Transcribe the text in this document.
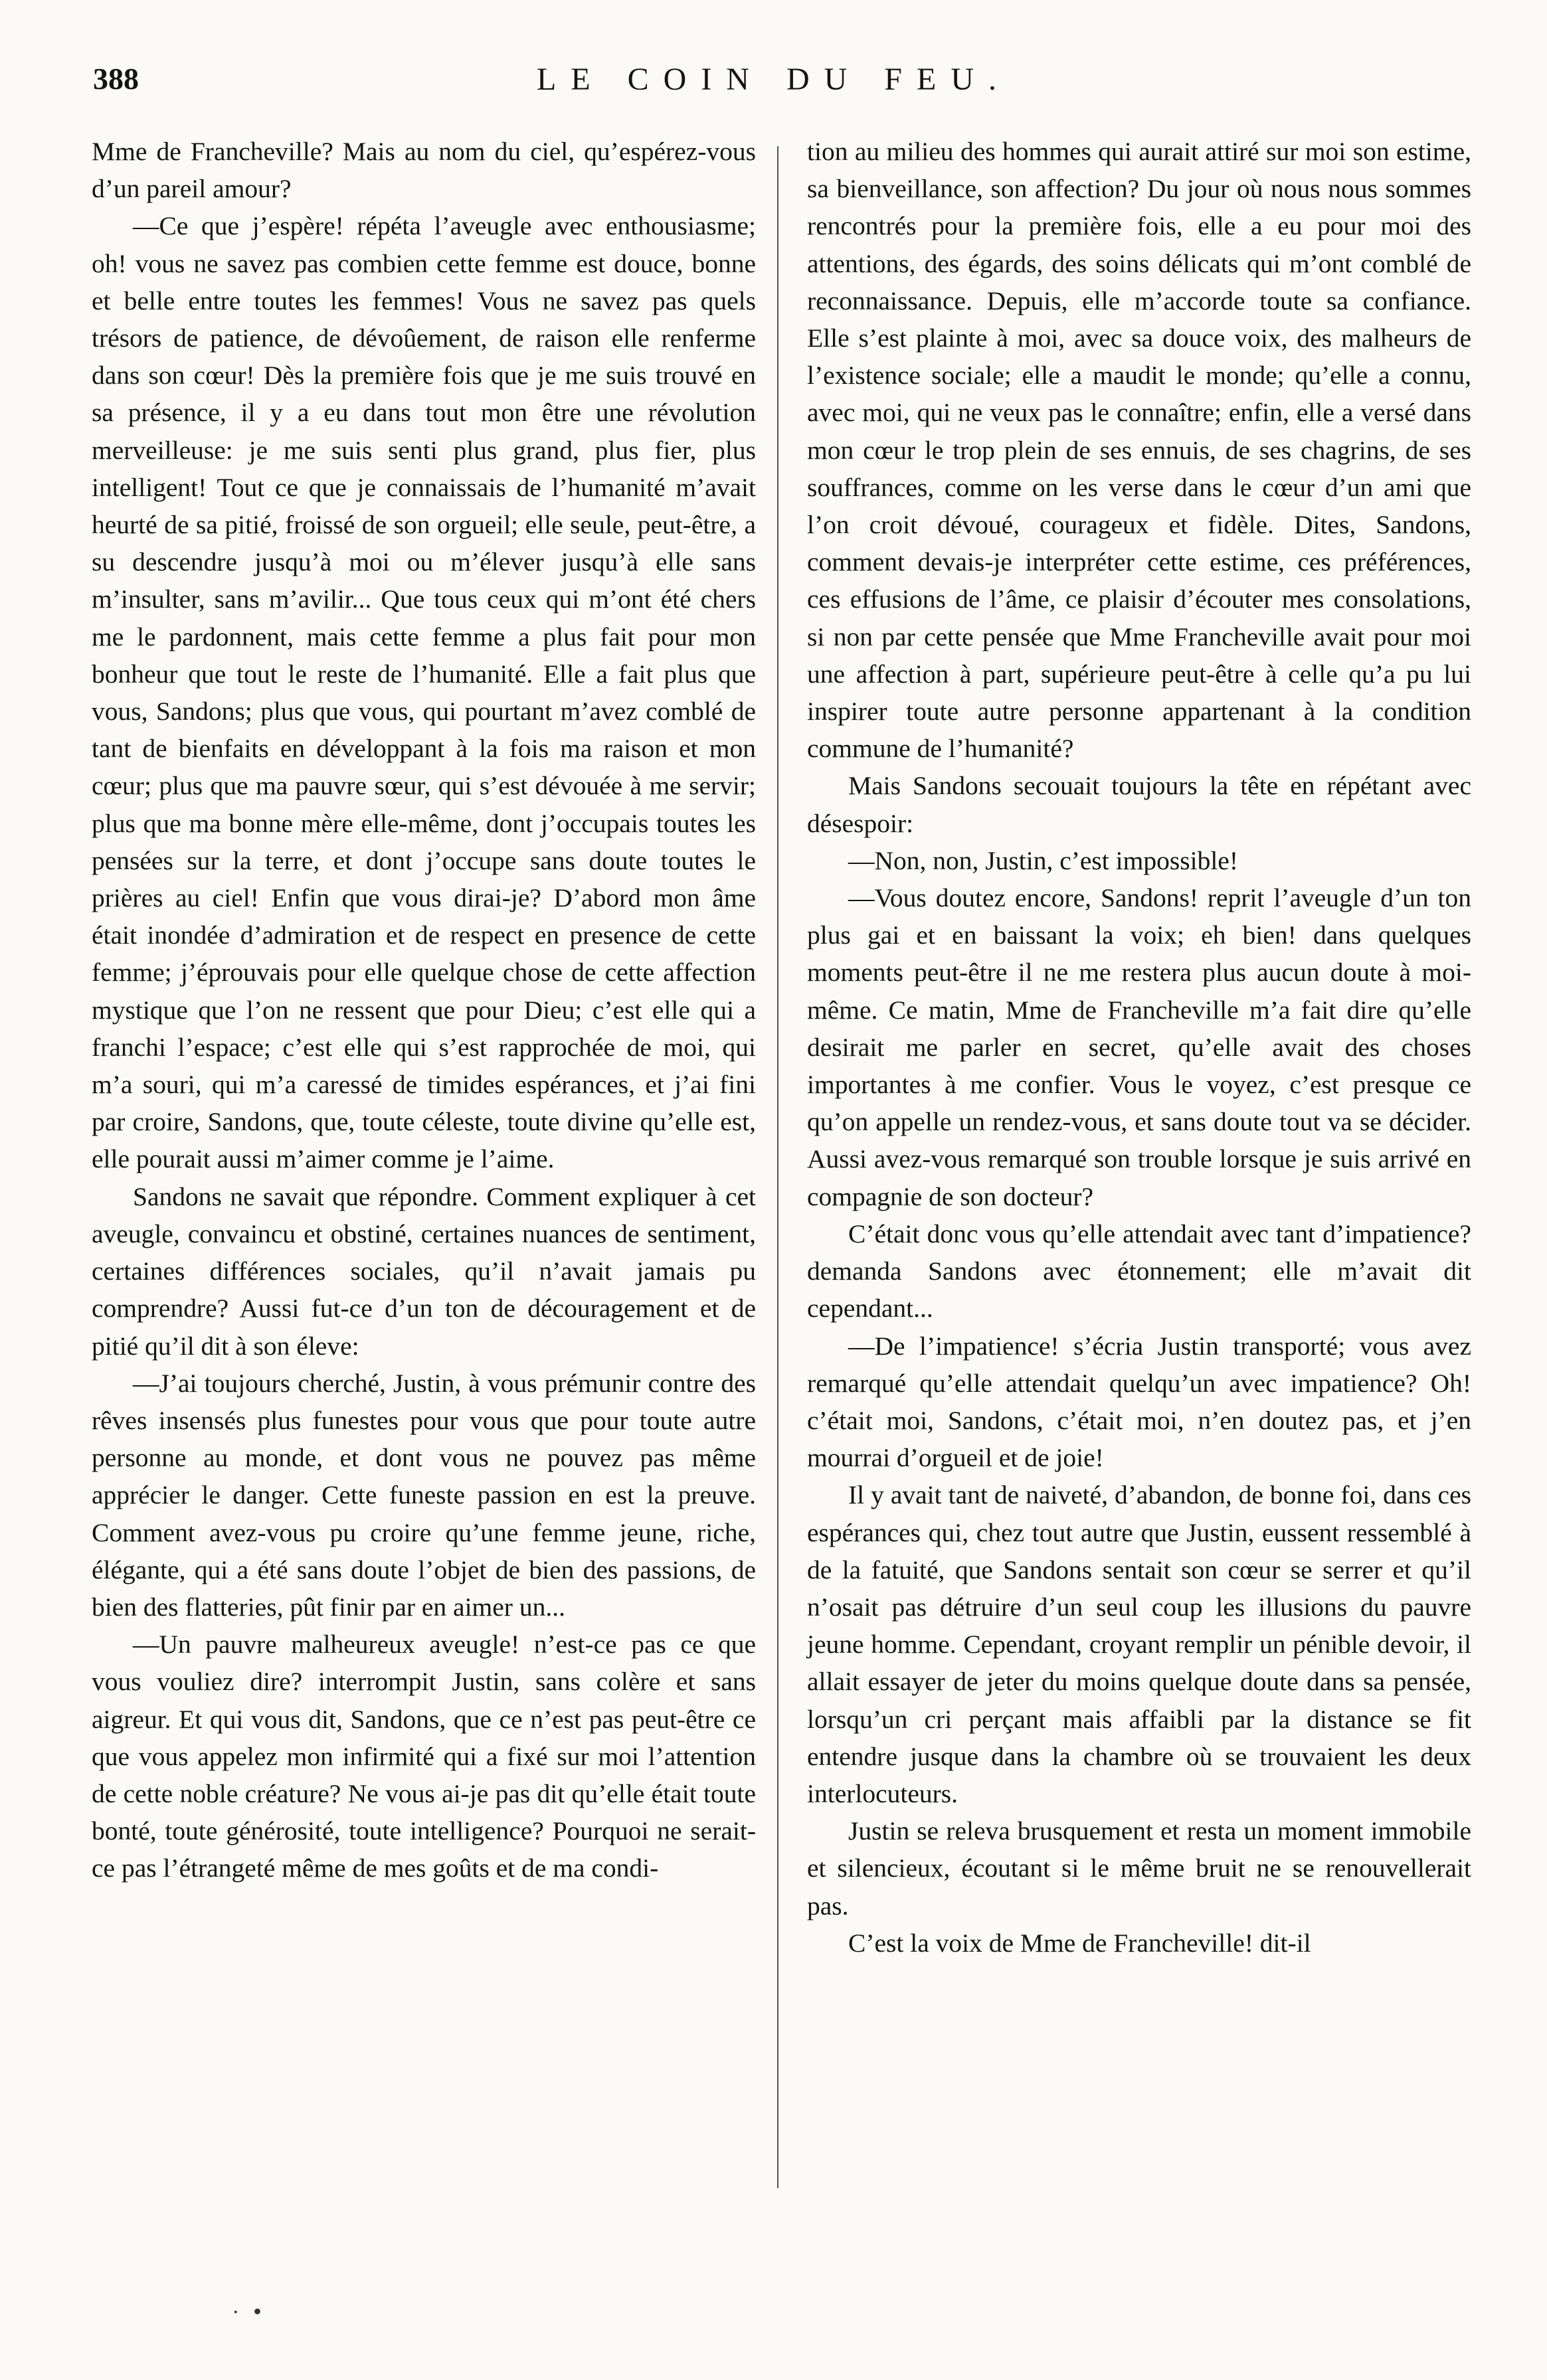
388	LE COIN DU FEU.

Mme de Francheville? Mais au nom du ciel, qu’espérez-vous d’un pareil amour?

—Ce que j’espère! répéta l’aveugle avec enthousiasme; oh! vous ne savez pas combien cette femme est douce, bonne et belle entre toutes les femmes! Vous ne savez pas quels trésors de patience, de dévoûement, de raison elle renferme dans son cœur! Dès la première fois que je me suis trouvé en sa présence, il y a eu dans tout mon être une révolution merveilleuse: je me suis senti plus grand, plus fier, plus intelligent! Tout ce que je connaissais de l’humanité m’avait heurté de sa pitié, froissé de son orgueil; elle seule, peut-être, a su descendre jusqu’à moi ou m’élever jusqu’à elle sans m’insulter, sans m’avilir... Que tous ceux qui m’ont été chers me le pardonnent, mais cette femme a plus fait pour mon bonheur que tout le reste de l’humanité. Elle a fait plus que vous, Sandons; plus que vous, qui pourtant m’avez comblé de tant de bienfaits en développant à la fois ma raison et mon cœur; plus que ma pauvre sœur, qui s’est dévouée à me servir; plus que ma bonne mère elle-même, dont j’occupais toutes les pensées sur la terre, et dont j’occupe sans doute toutes le prières au ciel! Enfin que vous dirai-je? D’abord mon âme était inondée d’admiration et de respect en presence de cette femme; j’éprouvais pour elle quelque chose de cette affection mystique que l’on ne ressent que pour Dieu; c’est elle qui a franchi l’espace; c’est elle qui s’est rapprochée de moi, qui m’a souri, qui m’a caressé de timides espérances, et j’ai fini par croire, Sandons, que, toute céleste, toute divine qu’elle est, elle pourait aussi m’aimer comme je l’aime.

Sandons ne savait que répondre. Comment expliquer à cet aveugle, convaincu et obstiné, certaines nuances de sentiment, certaines différences sociales, qu’il n’avait jamais pu comprendre? Aussi fut-ce d’un ton de découragement et de pitié qu’il dit à son éleve:

—J’ai toujours cherché, Justin, à vous prémunir contre des rêves insensés plus funestes pour vous que pour toute autre personne au monde, et dont vous ne pouvez pas même apprécier le danger. Cette funeste passion en est la preuve. Comment avez-vous pu croire qu’une femme jeune, riche, élégante, qui a été sans doute l’objet de bien des passions, de bien des flatteries, pût finir par en aimer un...

—Un pauvre malheureux aveugle! n’est-ce pas ce que vous vouliez dire? interrompit Justin, sans colère et sans aigreur. Et qui vous dit, Sandons, que ce n’est pas peut-être ce que vous appelez mon infirmité qui a fixé sur moi l’attention de cette noble créature? Ne vous ai-je pas dit qu’elle était toute bonté, toute générosité, toute intelligence? Pourquoi ne serait-ce pas l’étrangeté même de mes goûts et de ma condi-

tion au milieu des hommes qui aurait attiré sur moi son estime, sa bienveillance, son affection? Du jour où nous nous sommes rencontrés pour la première fois, elle a eu pour moi des attentions, des égards, des soins délicats qui m’ont comblé de reconnaissance. Depuis, elle m’accorde toute sa confiance. Elle s’est plainte à moi, avec sa douce voix, des malheurs de l’existence sociale; elle a maudit le monde; qu’elle a connu, avec moi, qui ne veux pas le connaître; enfin, elle a versé dans mon cœur le trop plein de ses ennuis, de ses chagrins, de ses souffrances, comme on les verse dans le cœur d’un ami que l’on croit dévoué, courageux et fidèle. Dites, Sandons, comment devais-je interpréter cette estime, ces préférences, ces effusions de l’âme, ce plaisir d’écouter mes consolations, si non par cette pensée que Mme Francheville avait pour moi une affection à part, supérieure peut-être à celle qu’a pu lui inspirer toute autre personne appartenant à la condition commune de l’humanité?

Mais Sandons secouait toujours la tête en répétant avec désespoir:

—Non, non, Justin, c’est impossible!

—Vous doutez encore, Sandons! reprit l’aveugle d’un ton plus gai et en baissant la voix; eh bien! dans quelques moments peut-être il ne me restera plus aucun doute à moi-même. Ce matin, Mme de Francheville m’a fait dire qu’elle desirait me parler en secret, qu’elle avait des choses importantes à me confier. Vous le voyez, c’est presque ce qu’on appelle un rendez-vous, et sans doute tout va se décider. Aussi avez-vous remarqué son trouble lorsque je suis arrivé en compagnie de son docteur?

C’était donc vous qu’elle attendait avec tant d’impatience? demanda Sandons avec étonnement; elle m’avait dit cependant...

—De l’impatience! s’écria Justin transporté; vous avez remarqué qu’elle attendait quelqu’un avec impatience? Oh! c’était moi, Sandons, c’était moi, n’en doutez pas, et j’en mourrai d’orgueil et de joie!

Il y avait tant de naiveté, d’abandon, de bonne foi, dans ces espérances qui, chez tout autre que Justin, eussent ressemblé à de la fatuité, que Sandons sentait son cœur se serrer et qu’il n’osait pas détruire d’un seul coup les illusions du pauvre jeune homme. Cependant, croyant remplir un pénible devoir, il allait essayer de jeter du moins quelque doute dans sa pensée, lorsqu’un cri perçant mais affaibli par la distance se fit entendre jusque dans la chambre où se trouvaient les deux interlocuteurs.

Justin se releva brusquement et resta un moment immobile et silencieux, écoutant si le même bruit ne se renouvellerait pas.

C’est la voix de Mme de Francheville! dit-il

·  •
